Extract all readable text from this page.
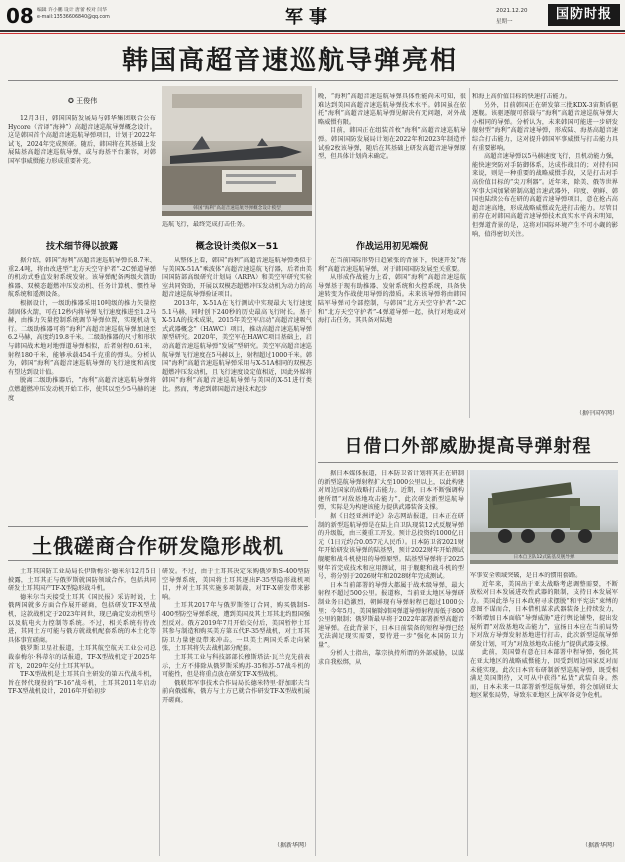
08 编辑 许小鹏 设计 唐蕾 校对 闫华
e-mail:13536606840@qq.com	军事	2021.12.20
星期一	国防时报
韩国高超音速巡航导弹亮相
✪ 王俊伟

12月3日，韩国国防发展局与韩华集团联合公布Hycore（音译“海神”）高超音速巡航导弹概念设计。这是韩国首个高超音速巡航导弹项目，计划于2022年试飞，2024年完成预研。随后，韩国将在其基础上发展陆基高超音速巡航导弹，或与海基平台兼容，对韩国军事威慑能力形成重要补充。

技术细节得以披露

据介绍，韩国“海利”高超音速巡航导弹长8.7米、重2.4吨，将由改进型“北方天空守护者”-2C弹道导弹的机动式垂直发射系统发射。该导弹配备两级火箭助推器、双模态超燃冲压发动机、任务计算机、惯性导航系统和遥测设备。

根据设计，一级助推器采用10吨级的推力矢量控制固体火箭，可在12秒内将导弹飞行速度推进至1.2马赫，由推力矢量控制系统调节导弹位置，实现机动飞行。二级助推器可将“海利”高超音速巡航导弹加速至6.2马赫，高度约19.8千米。二级助推器的尺寸和形状与韩国战术地对地弹道导弹相似，后者射程0.61米，射程180千米，能够承载454千克重的弹头。分析认为，韩国“海利”高超音速巡航导弹的飞行速度和高度有望达到设计值。

脱离二级助推器后，“海利”高超音速巡航导弹将点燃超燃冲压发动机开始工作，使其以至少5马赫的速度

韩国“海利”高超音速巡航导弹概念设计模型

巡航飞行，最终完成打击任务。

概念设计类似X－51

从整体上看，韩国“海利”高超音速巡航导弹类似于与美国X-51A“乘波体”高超音速巡航飞行器，后者由美国国防部高级研究计划局（ARPA）和美空军研究实验室共同资助，开展以双模态超燃冲压发动机为动力的高超音速巡航导弹验证项目。

2013年，X-51A在飞行测试中实现最大飞行速度5.1马赫，同时创下240秒的历史最高飞行时长。基于X-51A的技术成果，2015年美空军启动“高超音速吸气式武器概念”（HAWC）项目，推动高超音速巡航导弹原型研究。2020年，美空军在HAWC项目基础上，启动高超音速巡航导弹“发展”型研究。美空军高超音速巡航导弹飞行速度在5马赫以上，射程超过1000千米。韩国“海利”高超音速巡航导弹采用与X-51A相同的双模态超燃冲压发动机，且飞行速度设定值相近，因此外媒将韩国“海利”高超音速巡航导弹与美国的X-51进行类比。然而，考虑到韩国超音速技术起步

晚，“海利”高超音速巡航导弹具体性能尚未可知，很难达到美国高超音速巡航导弹技术水平。韩国虽在依托“海利”高超音速巡航导弹见解决有无问题，对外战略威慑有限。

目前，韩国正在组装首枚“海利”高超音速巡航导弹。韩国国防发展局计划在2022年和2023年制造并试验2枚该导弹，随后在其基础上研发高超音速导弹原型，但具体计划尚未确定。

作战运用初见端倪

在当前国际形势日趋紧张的背景下，快速开发“海利”高超音速巡航导弹，对于韩国国防发展至关重要。

从形成作战能力上看，韩国“海利”高超音速巡航导弹基于现有助推器、发射系统和火控系统，具备快速转变为作战使用导弹的潜质。未来该导弹将由韩国陆军导弹司令部控制，与韩国“北方天空守护者”-2C和“北方天空守护者”-4弹道导弹一起，执行对地或对海打击任务，其具备对陆地

和海上高价值目标的快速打击能力。

另外，目前韩国正在研发第三批KDX-3宙斯盾驱逐舰。该驱逐舰可搭载与“海利”高超音速巡航导弹大小相同的导弹。分析认为，未来韩国可能进一步研发舰射型“海利”高超音速导弹，形成陆、海基高超音速综合打击能力，这对提升韩国军事威慑与打击能力具有重要影响。

高超音速导弹以5马赫速度飞行，且机动能力强，能快速突防对手防御体系，达成作战目的；对持有国来说，则是一种重要的战略威慑手段，又是打击对手高价值目标的“尖刀利器”。近年来，除美、俄等世界军事大国加紧研制高超音速武器外，印度、朝鲜、韩国也陆续公布在研的高超音速导弹项目，意在抢占高超音速高地，形成战略威慑或先进打击能力。尽管目前存在对韩国高超音速导弹技术真实水平尚未明知，但弹道背景的是，这将对国际环境产生不可小觑的影响，值得密切关注。

（据中国军网）
日借口外部威胁提高导弹射程

据日本媒体报道，日本防卫省计划将其正在研制的新型巡航导弹射程扩大至1000公里以上，以此构建对周边国家的战略打击能力。近期，日本不断强调构建所谓“对敌基地攻击能力”，此次研发新型巡航导弹，实际是为构建该能力提供武器装备支撑。

据《日经亚洲评论》杂志网站报道，日本正在研制的新型巡航导弹是在陆上自卫队现装12式反舰导弹的升级版，由三菱重工开发。预计总投资约1000亿日元（1日元约合0.057元人民币）。日本防卫省2021财年开始研发该导弹的陆基型，预计2022财年开始测试舰艇和战斗机使用的导弹原型。陆基型导弹将于2025财年首完成技术和应用测试，用于舰艇和战斗机的型号，将分别于2026财年和2028财年完成测试。

日本当前部署的导弹大都属于战术级导弹，最大射程不超过500公里。报道称，当前亚太地区导弹研制业务日趋激烈，朝鲜现有导弹射程已超过1000公里；今年5月，美国解除韩国弹道导弹射程需低于800公里的限制；俄罗斯最早将于2022年部署新型高超音速导弹。在此背景下，日本日前装备的短程导弹已经无法满足现实需要，要待进一步“强化本国防卫力量”。

分析人士指出，靠宗执持所谓的外部威胁，以谋求自我松绑，从

日本自卫队12式陆基反舰导弹

军事安全领域突破，是日本的惯用套路。

近年来，美国出于亚太战略考虑调整需要，不断放松对日本发展进攻性武器的限制，支持日本发展军力。美国此举与日本政府寻求摆脱“和平宪法”束缚的意图不谋而合，日本借机谋求武器装备上持续发力，不断增加日本面临“导弹威胁”进行舆论铺垫，提出发展所谓“对敌基地攻击能力”，宣扬日本应在当前局势下对敌方导弹发射基地进行打击，此次新型巡航导弹研发计划，可为“对敌基地攻击能力”提供武器支撑。

此前，美国曾有意在日本部署中程导弹，强化其在亚太地区的战略威慑能力，因受到周边国家反对而未能实现。此次日本官布研制新型巡航导弹，既受相满足美国期待，又可从中获得“私货”武装自身。然而，日本未来一旦部署新型巡航导弹，将会加剧亚太地区紧张局势，导致东亚地区上演军备竞争危机。

（据新华网）
土俄磋商合作研发隐形战机

土耳其国防工业局局长伊斯梅尔·德米尔12月5日披露，土耳其正与俄罗斯就国防领域合作，包括共同研发土耳其国产TF-X型隐形战斗机。

德米尔当天接受土耳其《国民报》采访时说，土俄两国就多方面合作展开磋商，包括研发TF-X型战机，这款战机定于2023年问世，现已确定发动机型号以及航电火力控制等系统。不过，相关系统有待改进，其同土方可能与俄方就战机配套系统的本土化等具体事宜磋商。

俄罗斯卫星社报道，土耳其航空航天工业公司总裁泰梅尔·科蒂尔的话报道，TF-X型战机定于2025年首飞，2029年交付土耳其军队。

TF-X型战机是土耳其自主研发的第五代战斗机，旨在替代现役的“F-16”战斗机，土耳其2011年启动TF-X型战机设计，2016年开始初步

研发。不过，由于土耳其决定采购俄罗斯S-400型防空导弹系统，美国将土耳其逐出F-35型隐形战机项目，并对土耳其实施多项制裁，对TF-X研发带来影响。

土耳其2017年与俄罗斯签订合同，购买俄制S-400型防空导弹系统，遭到美国及其土耳其北约盟国强烈反对。俄方2019年7月开始交付后，美国暂停土耳其参与制造和购买美方第五代F-35型战机，对土耳其防卫力量建设带来冲击。一旦美土两国关系走向紧张，土耳其将失去战机部分配套。

土耳其工业与科技部部长穆斯塔法·瓦兰克先前表示，土方不排除从俄罗斯采购苏-35和苏-57战斗机的可能性，但是将重点放在研发TF-X型战机。

俄联邦军事技术合作局局长德米特里·舒加耶夫当前向俄媒称，俄方与土方已就合作研发TF-X型战机展开磋商。

（据新华网）
